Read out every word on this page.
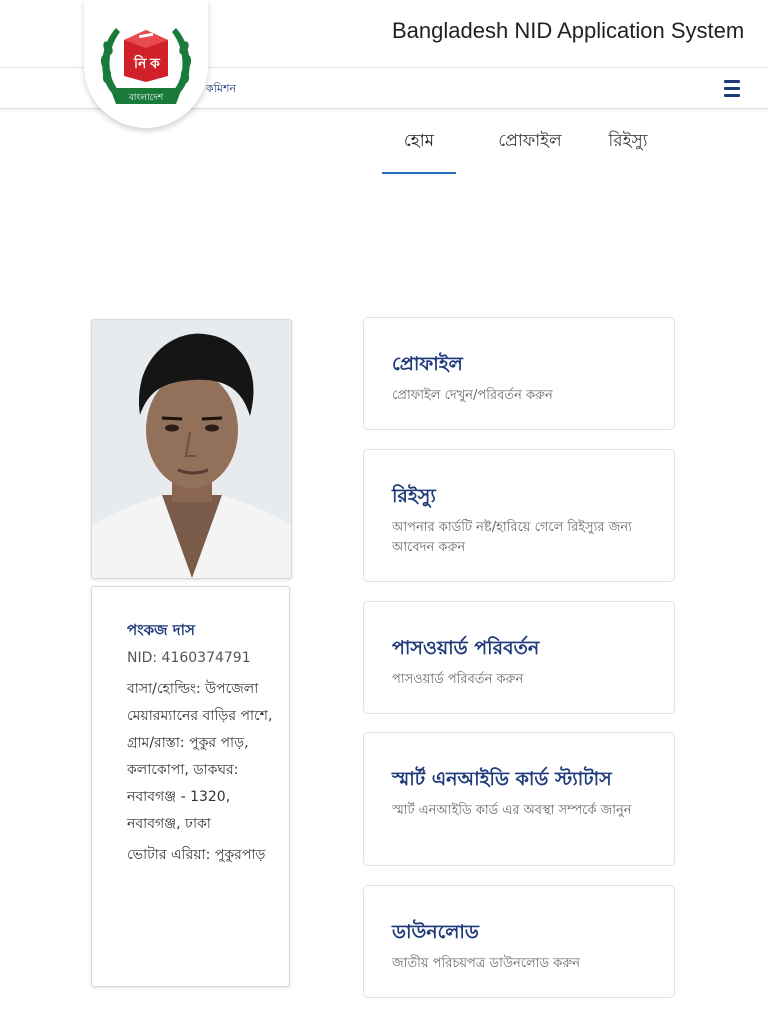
Bangladesh NID Application System
কমিশন
নি ক
বাংলাদেশ
হোম	প্রোফাইল	রিইস্যু
পংকজ দাস
NID: 4160374791
বাসা/হোল্ডিং: উপজেলা মেয়ারম্যানের বাড়ির পাশে, গ্রাম/রাস্তা: পুকুর পাড়, কলাকোপা, ডাকঘর: নবাবগঞ্জ - 1320, নবাবগঞ্জ, ঢাকা
ভোটার এরিয়া: পুকুরপাড়
প্রোফাইল
প্রোফাইল দেখুন/পরিবর্তন করুন
রিইস্যু
আপনার কার্ডটি নষ্ট/হারিয়ে গেলে রিইস্যুর জন্য আবেদন করুন
পাসওয়ার্ড পরিবর্তন
পাসওয়ার্ড পরিবর্তন করুন
স্মার্ট এনআইডি কার্ড স্ট্যাটাস
স্মার্ট এনআইডি কার্ড এর অবস্থা সম্পর্কে জানুন
ডাউনলোড
জাতীয় পরিচয়পত্র ডাউনলোড করুন
